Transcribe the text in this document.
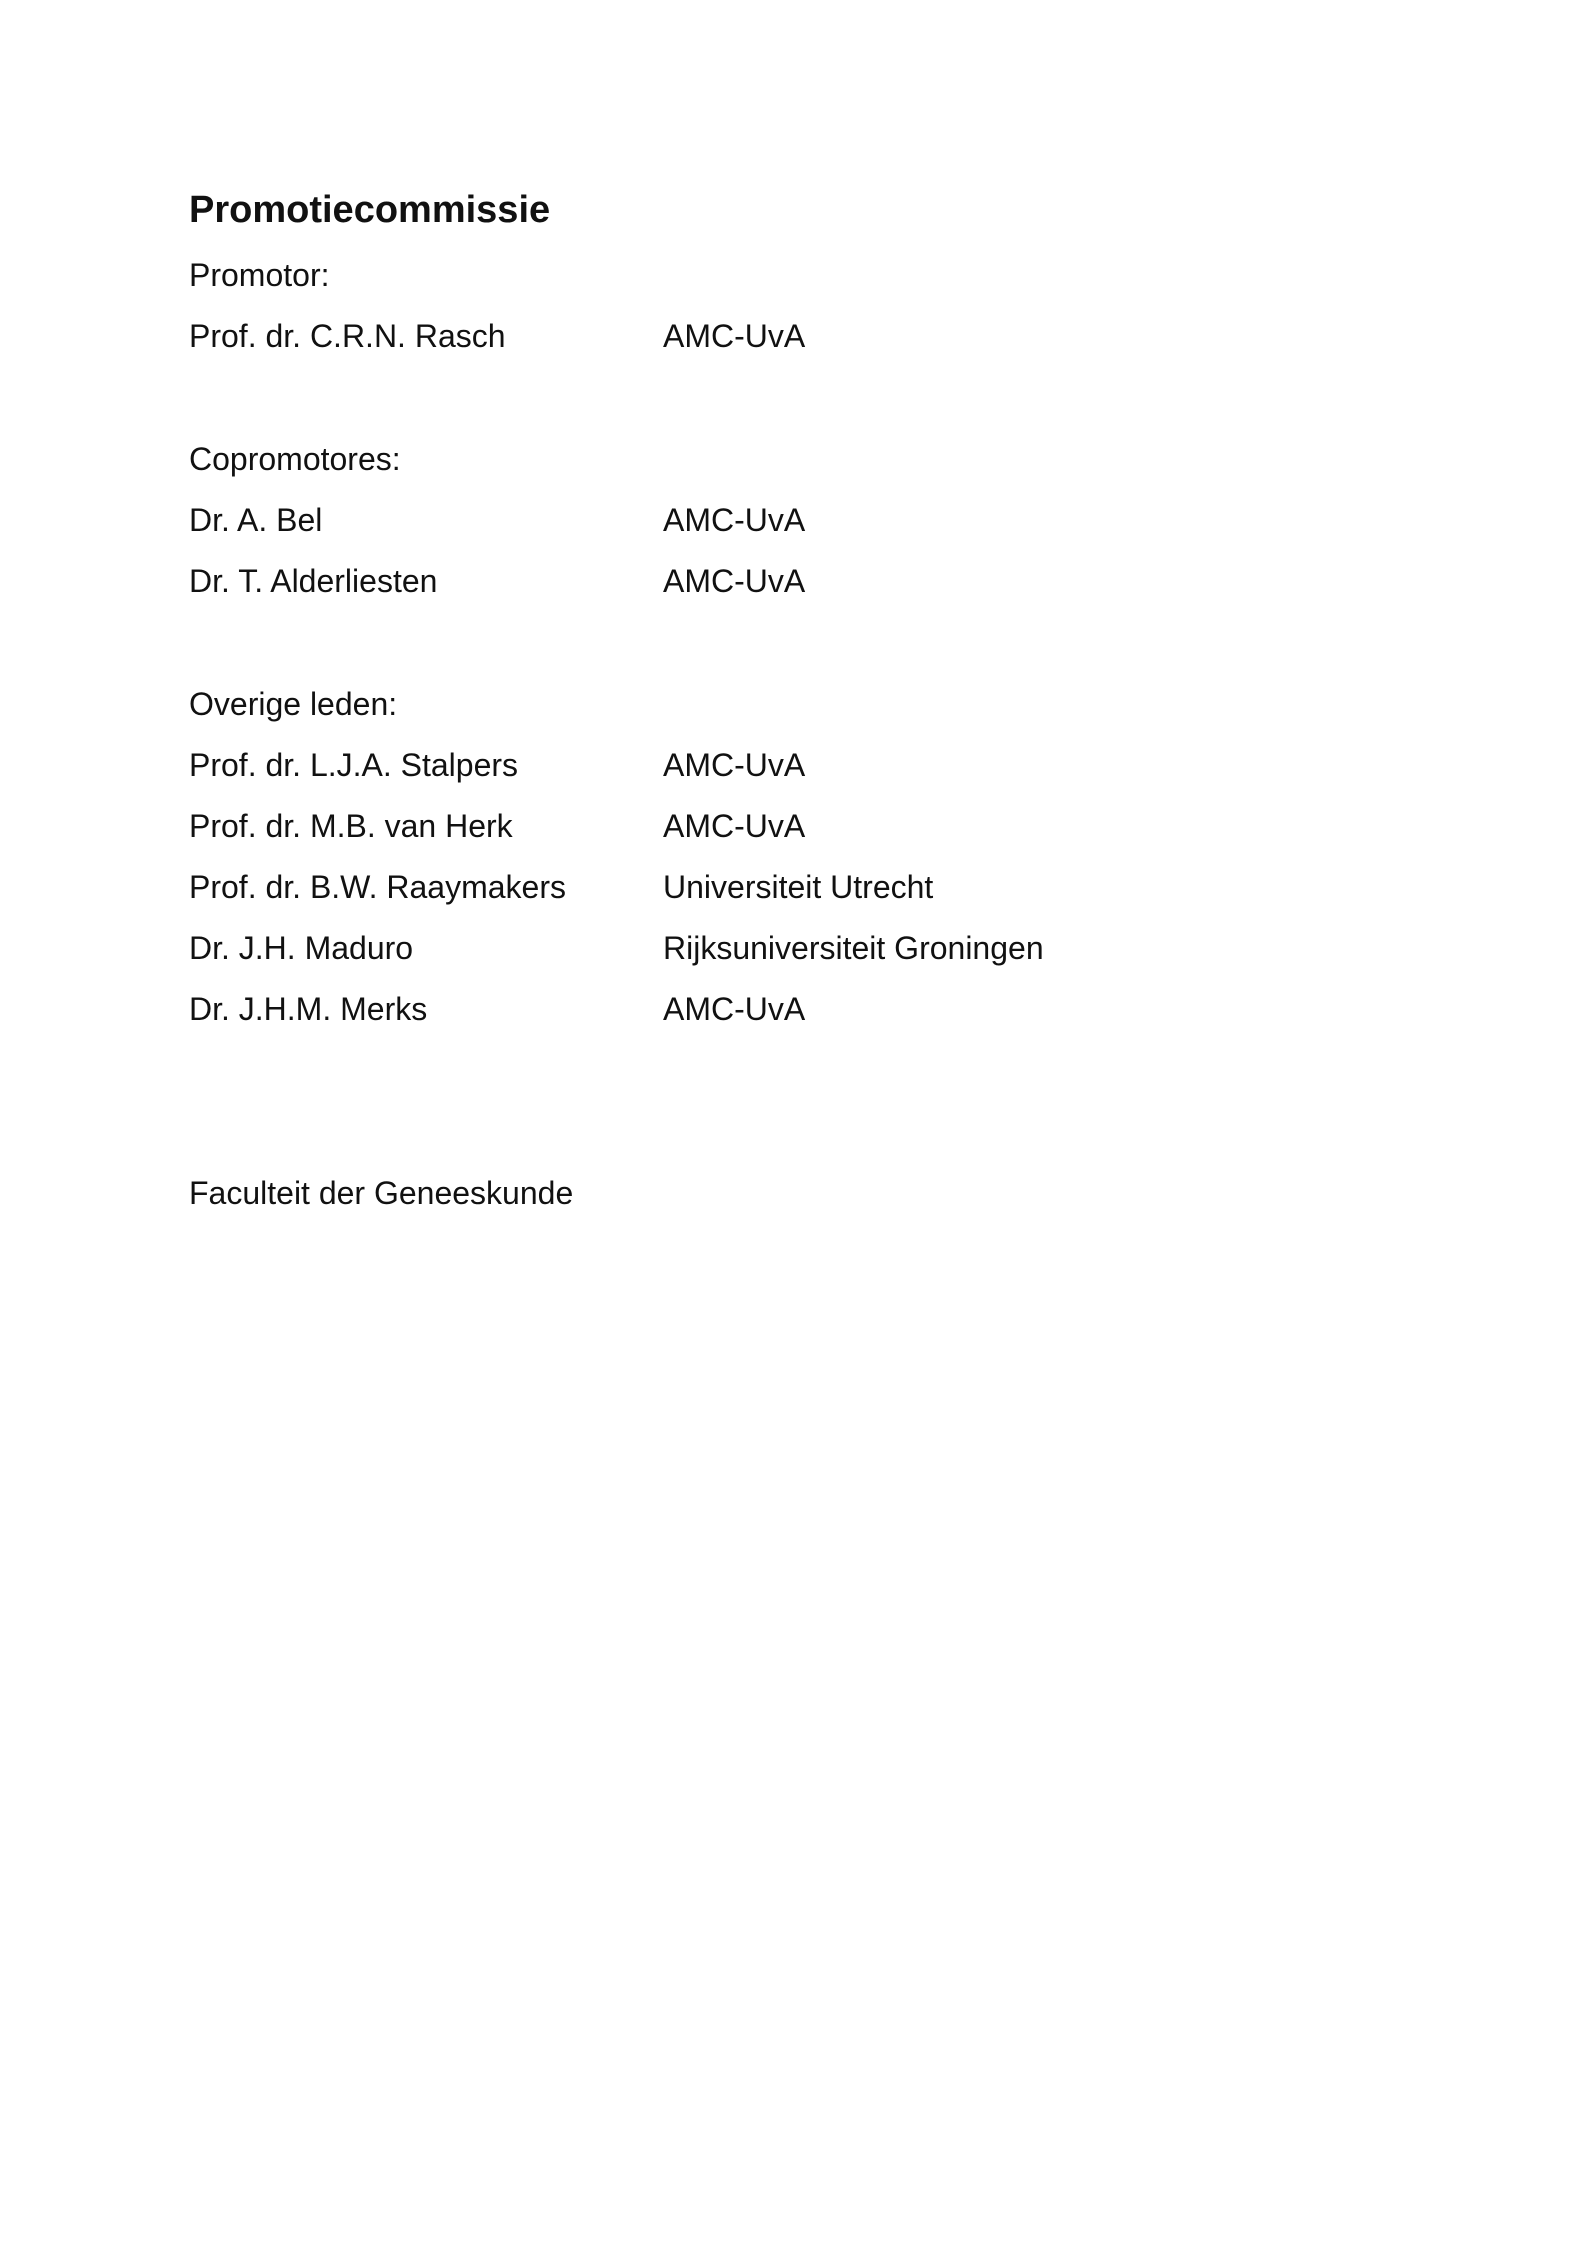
Promotiecommissie
Promotor:
Prof. dr. C.R.N. Rasch	AMC-UvA
Copromotores:
Dr. A. Bel	AMC-UvA
Dr. T. Alderliesten	AMC-UvA
Overige leden:
Prof. dr. L.J.A. Stalpers	AMC-UvA
Prof. dr. M.B. van Herk	AMC-UvA
Prof. dr. B.W. Raaymakers	Universiteit Utrecht
Dr. J.H. Maduro	Rijksuniversiteit Groningen
Dr. J.H.M. Merks	AMC-UvA
Faculteit der Geneeskunde
